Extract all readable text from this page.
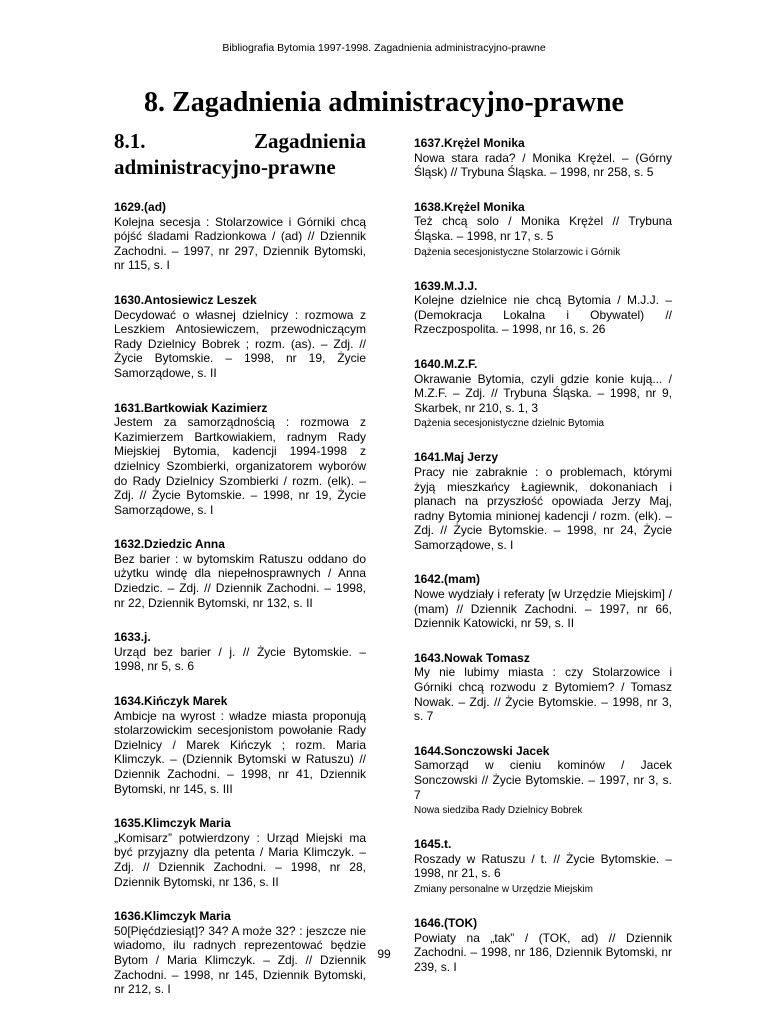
Bibliografia Bytomia 1997-1998. Zagadnienia administracyjno-prawne
8. Zagadnienia administracyjno-prawne
8.1. Zagadnienia administracyjno-prawne
1629.(ad)
Kolejna secesja : Stolarzowice i Górniki chcą pójść śladami Radzionkowa / (ad) // Dziennik Zachodni. – 1997, nr 297, Dziennik Bytomski, nr 115, s. I
1630.Antosiewicz Leszek
Decydować o własnej dzielnicy : rozmowa z Leszkiem Antosiewiczem, przewodniczącym Rady Dzielnicy Bobrek ; rozm. (as). – Zdj. // Życie Bytomskie. – 1998, nr 19, Życie Samorządowe, s. II
1631.Bartkowiak Kazimierz
Jestem za samorządnością : rozmowa z Kazimierzem Bartkowiakiem, radnym Rady Miejskiej Bytomia, kadencji 1994-1998 z dzielnicy Szombierki, organizatorem wyborów do Rady Dzielnicy Szombierki / rozm. (elk). – Zdj. // Życie Bytomskie. – 1998, nr 19, Życie Samorządowe, s. I
1632.Dziedzic Anna
Bez barier : w bytomskim Ratuszu oddano do użytku windę dla niepełnosprawnych / Anna Dziedzic. – Zdj. // Dziennik Zachodni. – 1998, nr 22, Dziennik Bytomski, nr 132, s. II
1633.j.
Urząd bez barier / j. // Życie Bytomskie. – 1998, nr 5, s. 6
1634.Kińczyk Marek
Ambicje na wyrost : władze miasta proponują stolarzowickim secesjonistom powołanie Rady Dzielnicy / Marek Kińczyk ; rozm. Maria Klimczyk. – (Dziennik Bytomski w Ratuszu) // Dziennik Zachodni. – 1998, nr 41, Dziennik Bytomski, nr 145, s. III
1635.Klimczyk Maria
„Komisarz” potwierdzony : Urząd Miejski ma być przyjazny dla petenta / Maria Klimczyk. – Zdj. // Dziennik Zachodni. – 1998, nr 28, Dziennik Bytomski, nr 136, s. II
1636.Klimczyk Maria
50[Pięćdziesiąt]? 34? A może 32? : jeszcze nie wiadomo, ilu radnych reprezentować będzie Bytom / Maria Klimczyk. – Zdj. // Dziennik Zachodni. – 1998, nr 145, Dziennik Bytomski, nr 212, s. I
1637.Krężel Monika
Nowa stara rada? / Monika Krężel. – (Górny Śląsk) // Trybuna Śląska. – 1998, nr 258, s. 5
1638.Krężel Monika
Też chcą solo / Monika Krężel // Trybuna Śląska. – 1998, nr 17, s. 5
Dążenia secesjonistyczne Stolarzowic i Górnik
1639.M.J.J.
Kolejne dzielnice nie chcą Bytomia / M.J.J. – (Demokracja Lokalna i Obywatel) // Rzeczpospolita. – 1998, nr 16, s. 26
1640.M.Z.F.
Okrawanie Bytomia, czyli gdzie konie kują... / M.Z.F. – Zdj. // Trybuna Śląska. – 1998, nr 9, Skarbek, nr 210, s. 1, 3
Dążenia secesjonistyczne dzielnic Bytomia
1641.Maj Jerzy
Pracy nie zabraknie : o problemach, którymi żyją mieszkańcy Łagiewnik, dokonaniach i planach na przyszłość opowiada Jerzy Maj, radny Bytomia minionej kadencji / rozm. (elk). – Zdj. // Życie Bytomskie. – 1998, nr 24, Życie Samorządowe, s. I
1642.(mam)
Nowe wydziały i referaty [w Urzędzie Miejskim] / (mam) // Dziennik Zachodni. – 1997, nr 66, Dziennik Katowicki, nr 59, s. II
1643.Nowak Tomasz
My nie lubimy miasta : czy Stolarzowice i Górniki chcą rozwodu z Bytomiem? / Tomasz Nowak. – Zdj. // Życie Bytomskie. – 1998, nr 3, s. 7
1644.Sonczowski Jacek
Samorząd w cieniu kominów / Jacek Sonczowski // Życie Bytomskie. – 1997, nr 3, s. 7
Nowa siedziba Rady Dzielnicy Bobrek
1645.t.
Roszady w Ratuszu / t. // Życie Bytomskie. – 1998, nr 21, s. 6
Zmiany personalne w Urzędzie Miejskim
1646.(TOK)
Powiaty na „tak” / (TOK, ad) // Dziennik Zachodni. – 1998, nr 186, Dziennik Bytomski, nr 239, s. I
99
